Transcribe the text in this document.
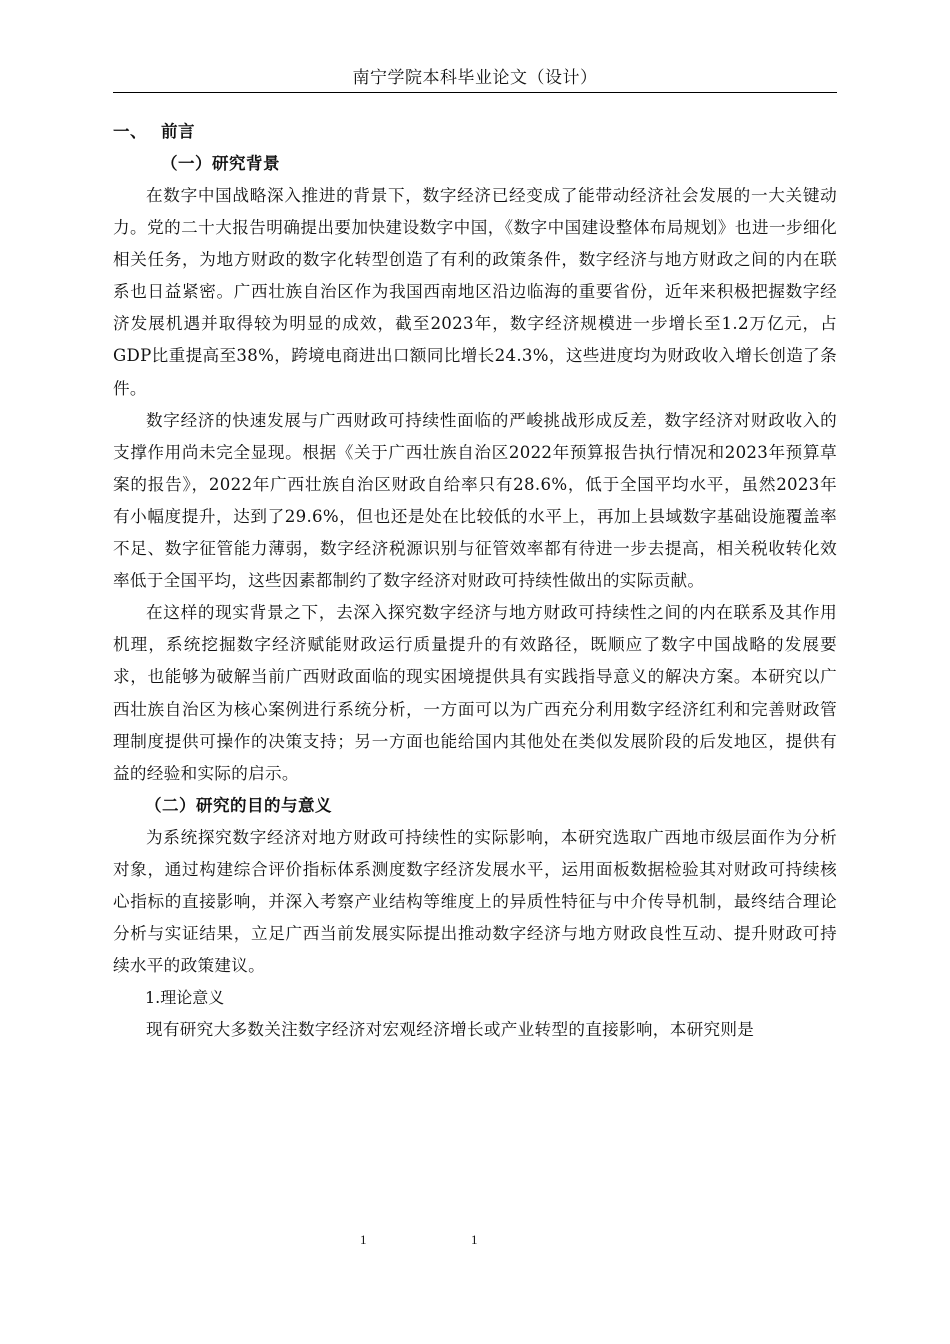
南宁学院本科毕业论文（设计）
一、 前言
（一）研究背景

在数字中国战略深入推进的背景下，数字经济已经变成了能带动经济社会发展的一大关键动力。党的二十大报告明确提出要加快建设数字中国，《数字中国建设整体布局规划》也进一步细化相关任务，为地方财政的数字化转型创造了有利的政策条件，数字经济与地方财政之间的内在联系也日益紧密。广西壮族自治区作为我国西南地区沿边临海的重要省份，近年来积极把握数字经济发展机遇并取得较为明显的成效，截至2023年，数字经济规模进一步增长至1.2万亿元，占GDP比重提高至38%，跨境电商进出口额同比增长24.3%，这些进度均为财政收入增长创造了条件。

数字经济的快速发展与广西财政可持续性面临的严峻挑战形成反差，数字经济对财政收入的支撑作用尚未完全显现。根据《关于广西壮族自治区2022年预算报告执行情况和2023年预算草案的报告》，2022年广西壮族自治区财政自给率只有28.6%，低于全国平均水平，虽然2023年有小幅度提升，达到了29.6%，但也还是处在比较低的水平上，再加上县域数字基础设施覆盖率不足、数字征管能力薄弱，数字经济税源识别与征管效率都有待进一步去提高，相关税收转化效率低于全国平均，这些因素都制约了数字经济对财政可持续性做出的实际贡献。

在这样的现实背景之下，去深入探究数字经济与地方财政可持续性之间的内在联系及其作用机理，系统挖掘数字经济赋能财政运行质量提升的有效路径，既顺应了数字中国战略的发展要求，也能够为破解当前广西财政面临的现实困境提供具有实践指导意义的解决方案。本研究以广西壮族自治区为核心案例进行系统分析，一方面可以为广西充分利用数字经济红利和完善财政管理制度提供可操作的决策支持；另一方面也能给国内其他处在类似发展阶段的后发地区，提供有益的经验和实际的启示。

（二）研究的目的与意义

为系统探究数字经济对地方财政可持续性的实际影响，本研究选取广西地市级层面作为分析对象，通过构建综合评价指标体系测度数字经济发展水平，运用面板数据检验其对财政可持续核心指标的直接影响，并深入考察产业结构等维度上的异质性特征与中介传导机制，最终结合理论分析与实证结果，立足广西当前发展实际提出推动数字经济与地方财政良性互动、提升财政可持续水平的政策建议。

1.理论意义

现有研究大多数关注数字经济对宏观经济增长或产业转型的直接影响，本研究则是

1	1
